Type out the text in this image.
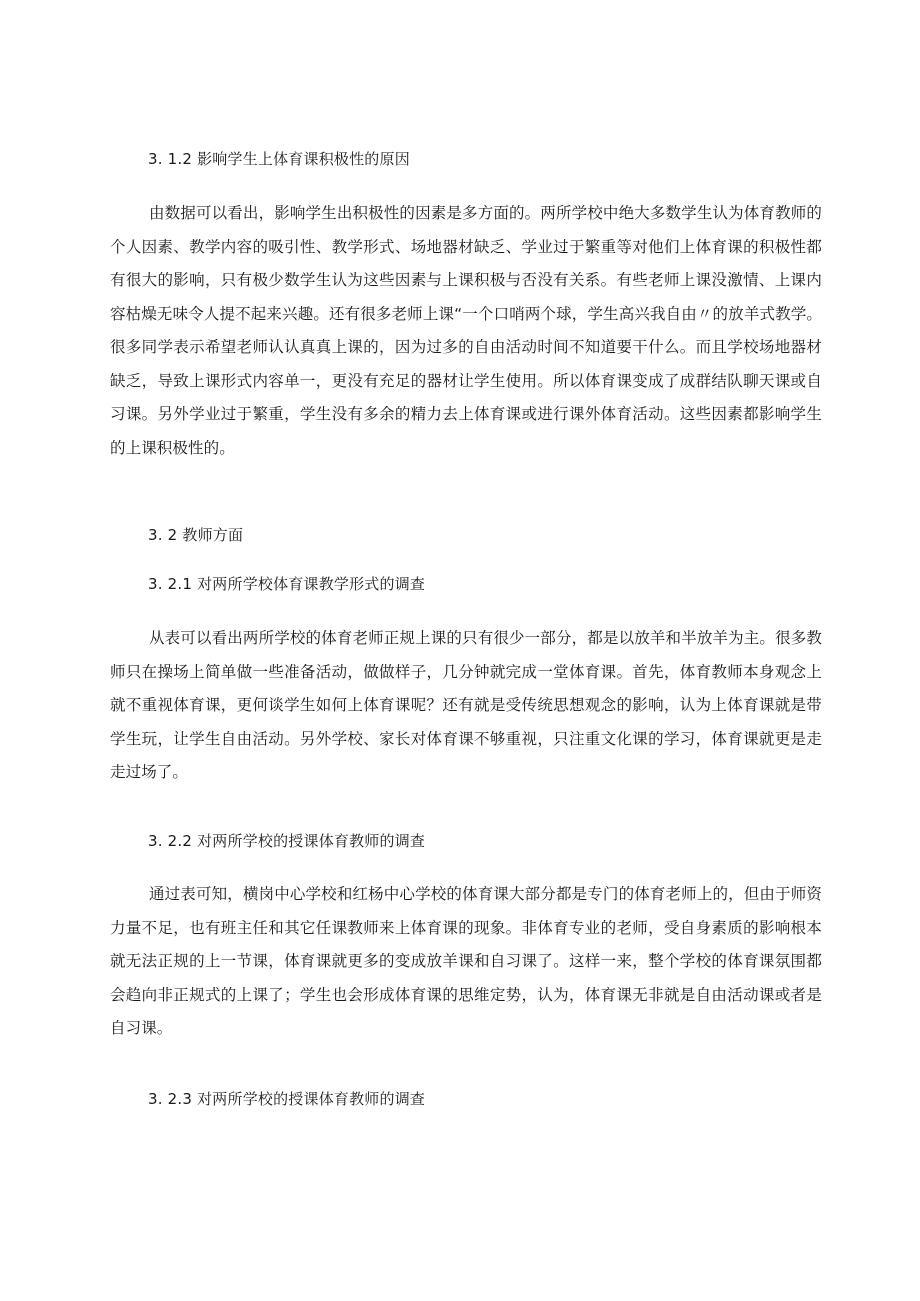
3. 1.2 影响学生上体育课积极性的原因
由数据可以看出，影响学生出积极性的因素是多方面的。两所学校中绝大多数学生认为体育教师的个人因素、教学内容的吸引性、教学形式、场地器材缺乏、学业过于繁重等对他们上体育课的积极性都有很大的影响，只有极少数学生认为这些因素与上课积极与否没有关系。有些老师上课没激情、上课内容枯燥无味令人提不起来兴趣。还有很多老师上课“一个口哨两个球，学生高兴我自由〃的放羊式教学。很多同学表示希望老师认认真真上课的，因为过多的自由活动时间不知道要干什么。而且学校场地器材缺乏，导致上课形式内容单一，更没有充足的器材让学生使用。所以体育课变成了成群结队聊天课或自习课。另外学业过于繁重，学生没有多余的精力去上体育课或进行课外体育活动。这些因素都影响学生的上课积极性的。
3. 2 教师方面
3. 2.1 对两所学校体育课教学形式的调查
从表可以看出两所学校的体育老师正规上课的只有很少一部分，都是以放羊和半放羊为主。很多教师只在操场上简单做一些准备活动，做做样子，几分钟就完成一堂体育课。首先，体育教师本身观念上就不重视体育课，更何谈学生如何上体育课呢？还有就是受传统思想观念的影响，认为上体育课就是带学生玩，让学生自由活动。另外学校、家长对体育课不够重视，只注重文化课的学习，体育课就更是走走过场了。
3. 2.2 对两所学校的授课体育教师的调查
通过表可知，横岗中心学校和红杨中心学校的体育课大部分都是专门的体育老师上的，但由于师资力量不足，也有班主任和其它任课教师来上体育课的现象。非体育专业的老师，受自身素质的影响根本就无法正规的上一节课，体育课就更多的变成放羊课和自习课了。这样一来，整个学校的体育课氛围都会趋向非正规式的上课了；学生也会形成体育课的思维定势，认为，体育课无非就是自由活动课或者是自习课。
3. 2.3 对两所学校的授课体育教师的调查
